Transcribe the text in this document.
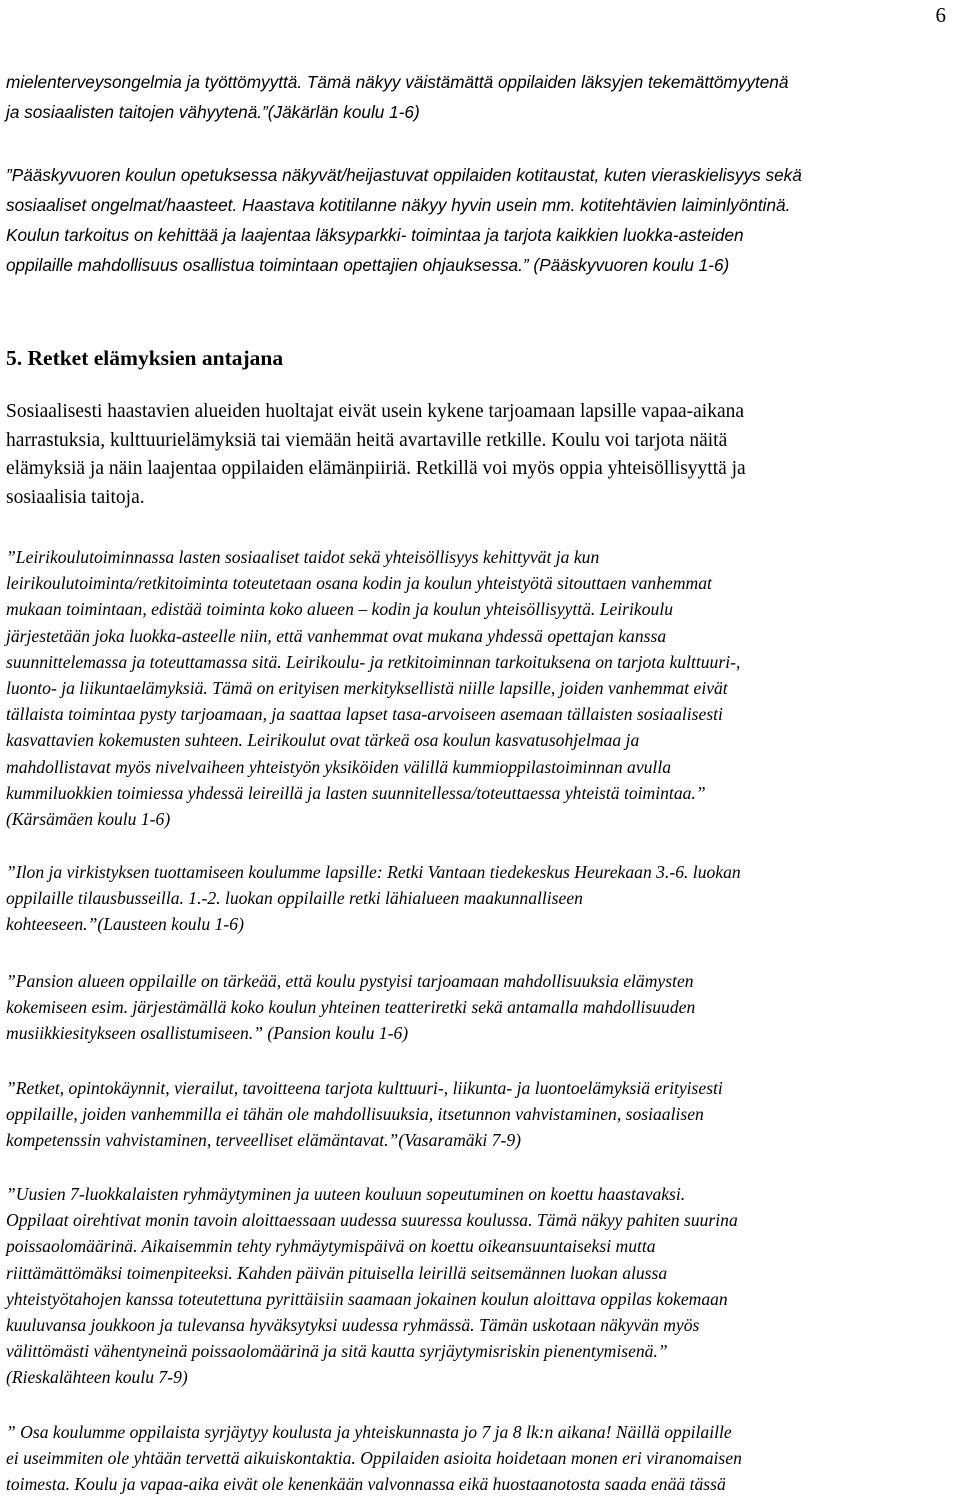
6
mielenterveysongelmia ja työttömyyttä. Tämä näkyy väistämättä oppilaiden läksyjen tekemättömyytenä
ja sosiaalisten taitojen vähyytenä.”(Jäkärlän koulu 1-6)
”Pääskyvuoren koulun opetuksessa näkyvät/heijastuvat oppilaiden kotitaustat, kuten vieraskielisyys sekä
sosiaaliset ongelmat/haasteet. Haastava kotitilanne näkyy hyvin usein mm. kotitehtävien laiminlyöntinä.
Koulun tarkoitus on kehittää ja laajentaa läksyparkki- toimintaa ja tarjota kaikkien luokka-asteiden
oppilaille mahdollisuus osallistua toimintaan opettajien ohjauksessa.” (Pääskyvuoren koulu 1-6)
5. Retket elämyksien antajana
Sosiaalisesti haastavien alueiden huoltajat eivät usein kykene tarjoamaan lapsille vapaa-aikana
harrastuksia, kulttuurielämyksiä tai viemään heitä avartaville retkille. Koulu voi tarjota näitä
elämyksiä ja näin laajentaa oppilaiden elämänpiiriä. Retkillä voi myös oppia yhteisöllisyyttä ja
sosiaalisia taitoja.
”Leirikoulutoiminnassa lasten sosiaaliset taidot sekä yhteisöllisyys kehittyvät ja kun
leirikoulutoiminta/retkitoiminta toteutetaan osana kodin ja koulun yhteistyötä sitouttaen vanhemmat
mukaan toimintaan, edistää toiminta koko alueen – kodin ja koulun yhteisöllisyyttä. Leirikoulu
järjestetään joka luokka-asteelle niin, että vanhemmat ovat mukana yhdessä opettajan kanssa
suunnittelemassa ja toteuttamassa sitä. Leirikoulu- ja retkitoiminnan tarkoituksena on tarjota kulttuuri-,
luonto- ja liikuntaelämyksiä. Tämä on erityisen merkityksellistä niille lapsille, joiden vanhemmat eivät
tällaista toimintaa pysty tarjoamaan, ja saattaa lapset tasa-arvoiseen asemaan tällaisten sosiaalisesti
kasvattavien kokemusten suhteen. Leirikoulut ovat tärkeä osa koulun kasvatusohjelmaa ja
mahdollistavat myös nivelvaiheen yhteistyön yksiköiden välillä kummioppilastoiminnan avulla
kummiluokkien toimiessa yhdessä leireillä ja lasten suunnitellessa/toteuttaessa yhteistä toimintaa.”
(Kärsämäen koulu 1-6)
”Ilon ja virkistyksen tuottamiseen koulumme lapsille: Retki Vantaan tiedekeskus Heurekaan 3.-6. luokan
oppilaille tilausbusseilla. 1.-2. luokan oppilaille retki lähialueen maakunnalliseen
kohteeseen.”(Lausteen koulu 1-6)
”Pansion alueen oppilaille on tärkeää, että koulu pystyisi tarjoamaan mahdollisuuksia elämysten
kokemiseen esim. järjestämällä koko koulun yhteinen teatteriretki sekä antamalla mahdollisuuden
musiikkiesitykseen osallistumiseen.” (Pansion koulu 1-6)
”Retket, opintokäynnit, vierailut, tavoitteena tarjota kulttuuri-, liikunta- ja luontoelämyksiä erityisesti
oppilaille, joiden vanhemmilla ei tähän ole mahdollisuuksia, itsetunnon vahvistaminen, sosiaalisen
kompetenssin vahvistaminen, terveelliset elämäntavat.”(Vasaramäki 7-9)
”Uusien 7-luokkalaisten ryhmäytyminen ja uuteen kouluun sopeutuminen on koettu haastavaksi.
Oppilaat oirehtivat monin tavoin aloittaessaan uudessa suuressa koulussa. Tämä näkyy pahiten suurina
poissaolomäärinä. Aikaisemmin tehty ryhmäytymispäivä on koettu oikeansuuntaiseksi mutta
riittämättömäksi toimenpiteeksi. Kahden päivän pituisella leirillä seitsemännen luokan alussa
yhteistyötahojen kanssa toteutettuna pyrittäisiin saamaan jokainen koulun aloittava oppilas kokemaan
kuuluvansa joukkoon ja tulevansa hyväksytyksi uudessa ryhmässä. Tämän uskotaan näkyvän myös
välittömästi vähentyneinä poissaolomäärinä ja sitä kautta syrjäytymisriskin pienentymisenä.”
(Rieskalähteen koulu 7-9)
” Osa koulumme oppilaista syrjäytyy koulusta ja yhteiskunnasta jo 7 ja 8 lk:n aikana! Näillä oppilaille
ei useimmiten ole yhtään tervettä aikuiskontaktia. Oppilaiden asioita hoidetaan monen eri viranomaisen
toimesta. Koulu ja vapaa-aika eivät ole kenenkään valvonnassa eikä huostaanotosta saada enää tässä
